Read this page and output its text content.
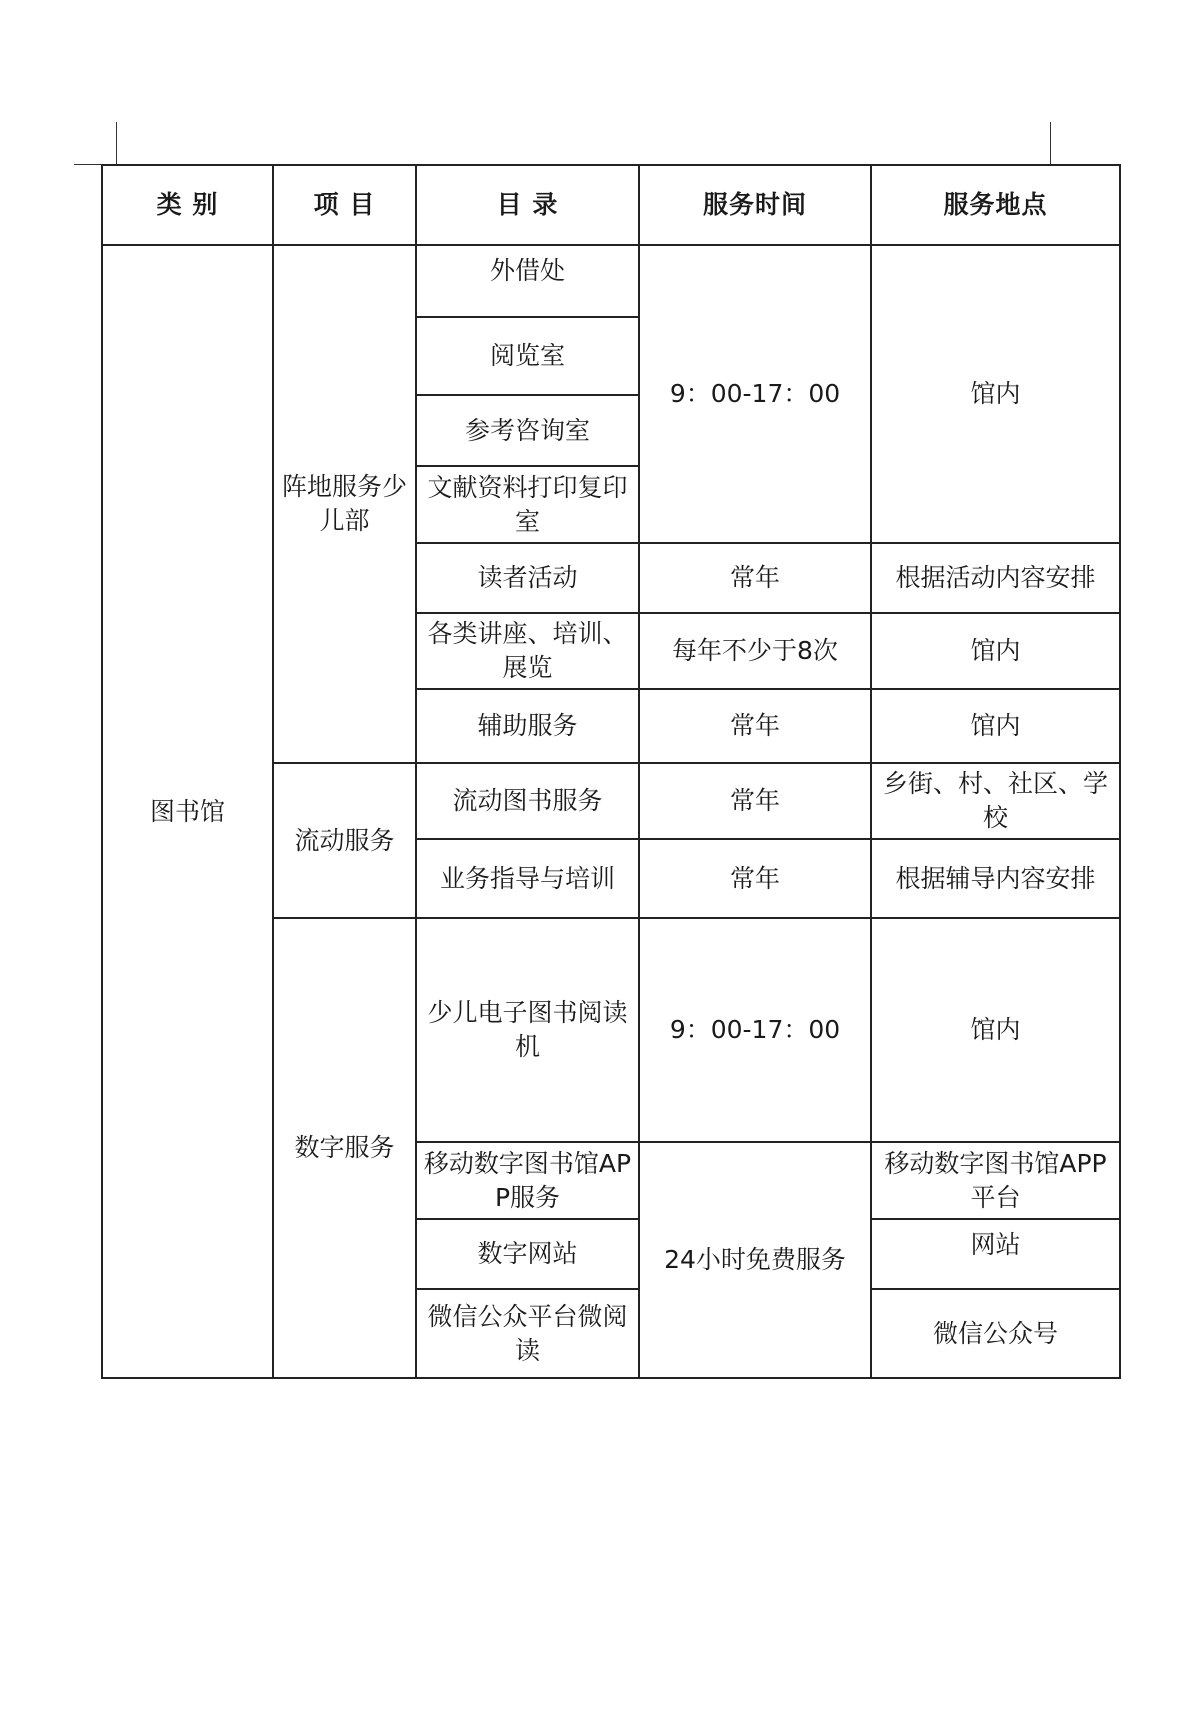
类 别	项 目	目 录	服务时间	服务地点
图书馆	阵地服务少儿部	外借处	9：00-17：00	馆内
		阅览室		
		参考咨询室		
		文献资料打印复印室		
		读者活动	常年	根据活动内容安排
		各类讲座、培训、展览	每年不少于8次	馆内
		辅助服务	常年	馆内
	流动服务	流动图书服务	常年	乡街、村、社区、学校
		业务指导与培训	常年	根据辅导内容安排
	数字服务	少儿电子图书阅读机	9：00-17：00	馆内
		移动数字图书馆APP服务	24小时免费服务	移动数字图书馆APP平台
		数字网站		网站
		微信公众平台微阅读		微信公众号
